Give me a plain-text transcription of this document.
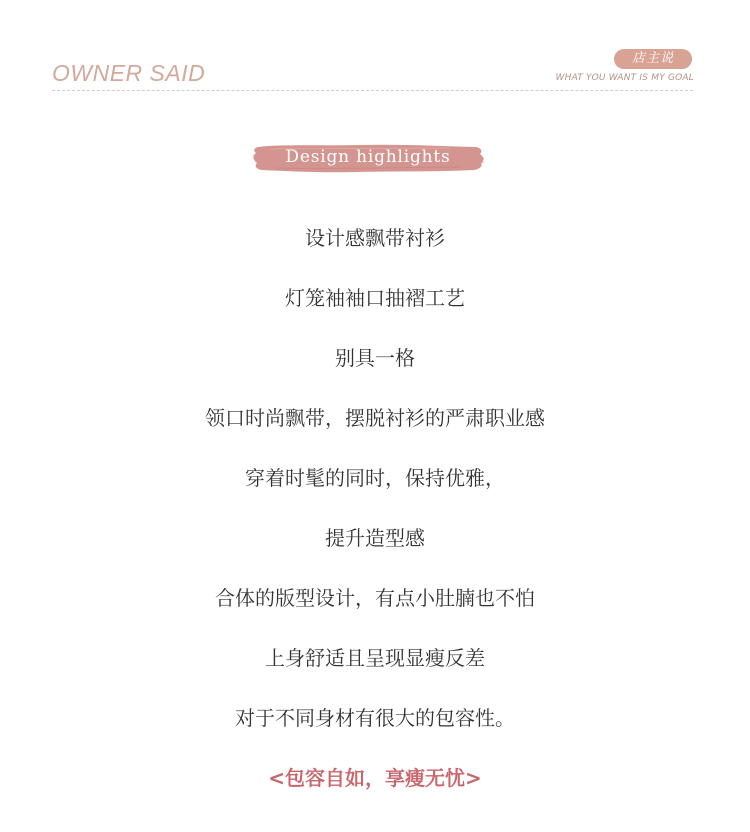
OWNER SAID
店主说
WHAT YOU WANT IS MY GOAL
Design highlights
设计感飘带衬衫
灯笼袖袖口抽褶工艺
别具一格
领口时尚飘带，摆脱衬衫的严肃职业感
穿着时髦的同时，保持优雅，
提升造型感
合体的版型设计，有点小肚腩也不怕
上身舒适且呈现显瘦反差
对于不同身材有很大的包容性。
<包容自如，享瘦无忧>
